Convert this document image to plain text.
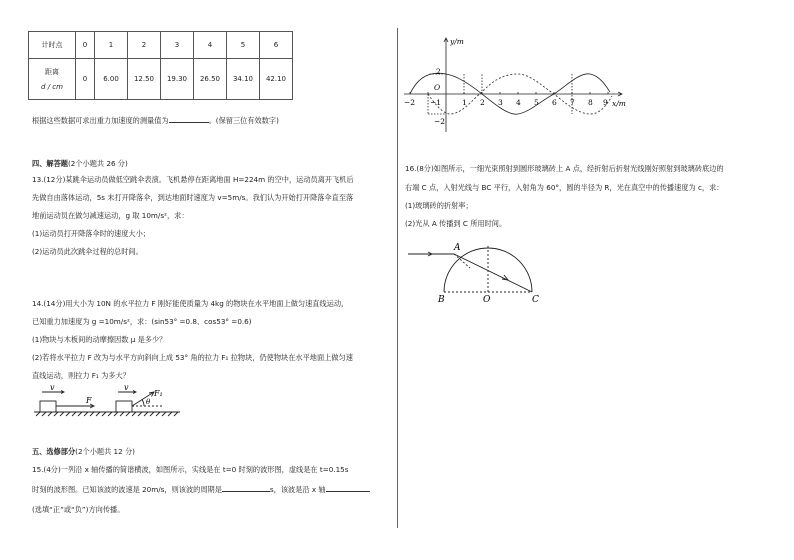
计时点	0	1	2	3	4	5	6

距离
d / cm	0	6.00	12.50	19.30	26.50	34.10	42.10
根据这些数据可求出重力加速度的测量值为	。(保留三位有效数字)
四、解答题(2个小题共 26 分)
13.(12分)某跳伞运动员做低空跳伞表演。飞机悬停在距离地面 H=224m 的空中，运动员离开飞机后
先做自由落体运动，5s 末打开降落伞，到达地面时速度为 v=5m/s。我们认为开始打开降落伞直至落
地前运动员在做匀减速运动，g 取 10m/s²，求：
(1)运动员打开降落伞时的速度大小；
(2)运动员此次跳伞过程的总时间。
14.(14分)用大小为 10N 的水平拉力 F 刚好能使质量为 4kg 的物块在水平地面上做匀速直线运动，
已知重力加速度为 g =10m/s²，求：(sin53° =0.8、cos53° =0.6)
(1)物块与木板间的动摩擦因数 μ 是多少？
(2)若将水平拉力 F 改为与水平方向斜向上成 53° 角的拉力 F₁ 拉物块，仍使物块在水平地面上做匀速
直线运动，则拉力 F₁ 为多大？
v
F
v
F₁
θ
五、选修部分(2个小题共 12 分)
15.(4分)一列沿 x 轴传播的简谐横波，如图所示，实线是在 t=0 时刻的波形图，虚线是在 t=0.15s
时刻的波形图。已知该波的波速是 20m/s，则该波的周期是	s，该波是沿 x 轴
(选填“正”或“负”)方向传播。
y/m
x/m
O
2
−2
−2 −1	1 2 3 4 5 6 7 8 9
16.(8分)如图所示，一细光束照射到圆形玻璃砖上 A 点，经折射后折射光线刚好照射到玻璃砖底边的
右端 C 点，入射光线与 BC 平行，入射角为 60°，圆的半径为 R，光在真空中的传播速度为 c，求：
(1)玻璃砖的折射率；
(2)光从 A 传播到 C 所用时间。
A
B	O	C
